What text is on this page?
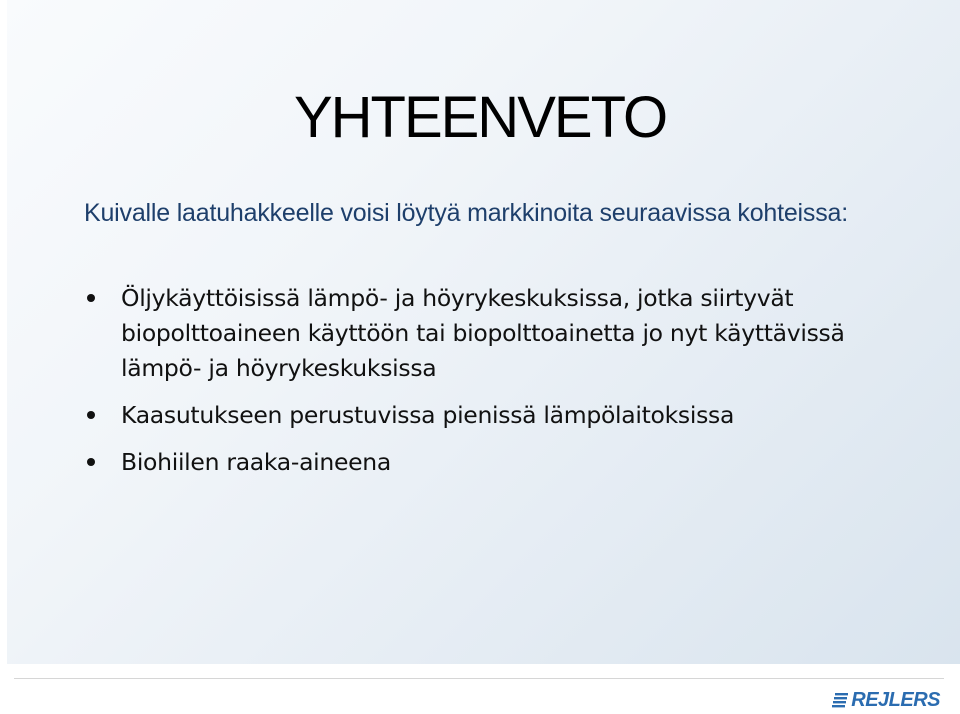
YHTEENVETO

Kuivalle laatuhakkeelle voisi löytyä markkinoita seuraavissa kohteissa:

Öljykäyttöisissä lämpö- ja höyrykeskuksissa, jotka siirtyvät biopolttoaineen käyttöön tai biopolttoainetta jo nyt käyttävissä lämpö- ja höyrykeskuksissa
Kaasutukseen perustuvissa pienissä lämpölaitoksissa
Biohiilen raaka-aineena
REJLERS
